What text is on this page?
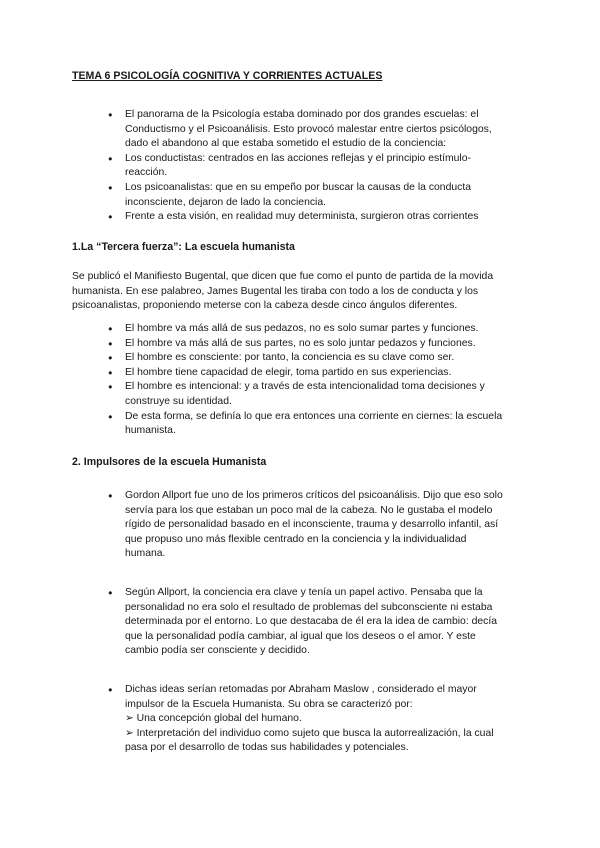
TEMA 6 PSICOLOGÍA COGNITIVA Y CORRIENTES ACTUALES
● El panorama de la Psicología estaba dominado por dos grandes escuelas: el Conductismo y el Psicoanálisis. Esto provocó malestar entre ciertos psicólogos, dado el abandono al que estaba sometido el estudio de la conciencia:
● Los conductistas: centrados en las acciones reflejas y el principio estímulo-reacción.
● Los psicoanalistas: que en su empeño por buscar la causas de la conducta inconsciente, dejaron de lado la conciencia.
● Frente a esta visión, en realidad muy determinista, surgieron otras corrientes
1.La “Tercera fuerza”: La escuela humanista

Se publicó el Manifiesto Bugental, que dicen que fue como el punto de partida de la movida humanista. En ese palabreo, James Bugental les tiraba con todo a los de conducta y los psicoanalistas, proponiendo meterse con la cabeza desde cinco ángulos diferentes.

● El hombre va más allá de sus pedazos, no es solo sumar partes y funciones.
● El hombre va más allá de sus partes, no es solo juntar pedazos y funciones.
● El hombre es consciente: por tanto, la conciencia es su clave como ser.
● El hombre tiene capacidad de elegir, toma partido en sus experiencias.
● El hombre es intencional: y a través de esta intencionalidad toma decisiones y construye su identidad.
● De esta forma, se definía lo que era entonces una corriente en ciernes: la escuela humanista.
2. Impulsores de la escuela Humanista
● Gordon Allport fue uno de los primeros críticos del psicoanálisis. Dijo que eso solo servía para los que estaban un poco mal de la cabeza. No le gustaba el modelo rígido de personalidad basado en el inconsciente, trauma y desarrollo infantil, así que propuso uno más flexible centrado en la conciencia y la individualidad humana.
● Según Allport, la conciencia era clave y tenía un papel activo. Pensaba que la personalidad no era solo el resultado de problemas del subconsciente ni estaba determinada por el entorno. Lo que destacaba de él era la idea de cambio: decía que la personalidad podía cambiar, al igual que los deseos o el amor. Y este cambio podía ser consciente y decidido.
● Dichas ideas serían retomadas por Abraham Maslow , considerado el mayor impulsor de la Escuela Humanista. Su obra se caracterizó por:
➢ Una concepción global del humano.
➢ Interpretación del individuo como sujeto que busca la autorrealización, la cual pasa por el desarrollo de todas sus habilidades y potenciales.
